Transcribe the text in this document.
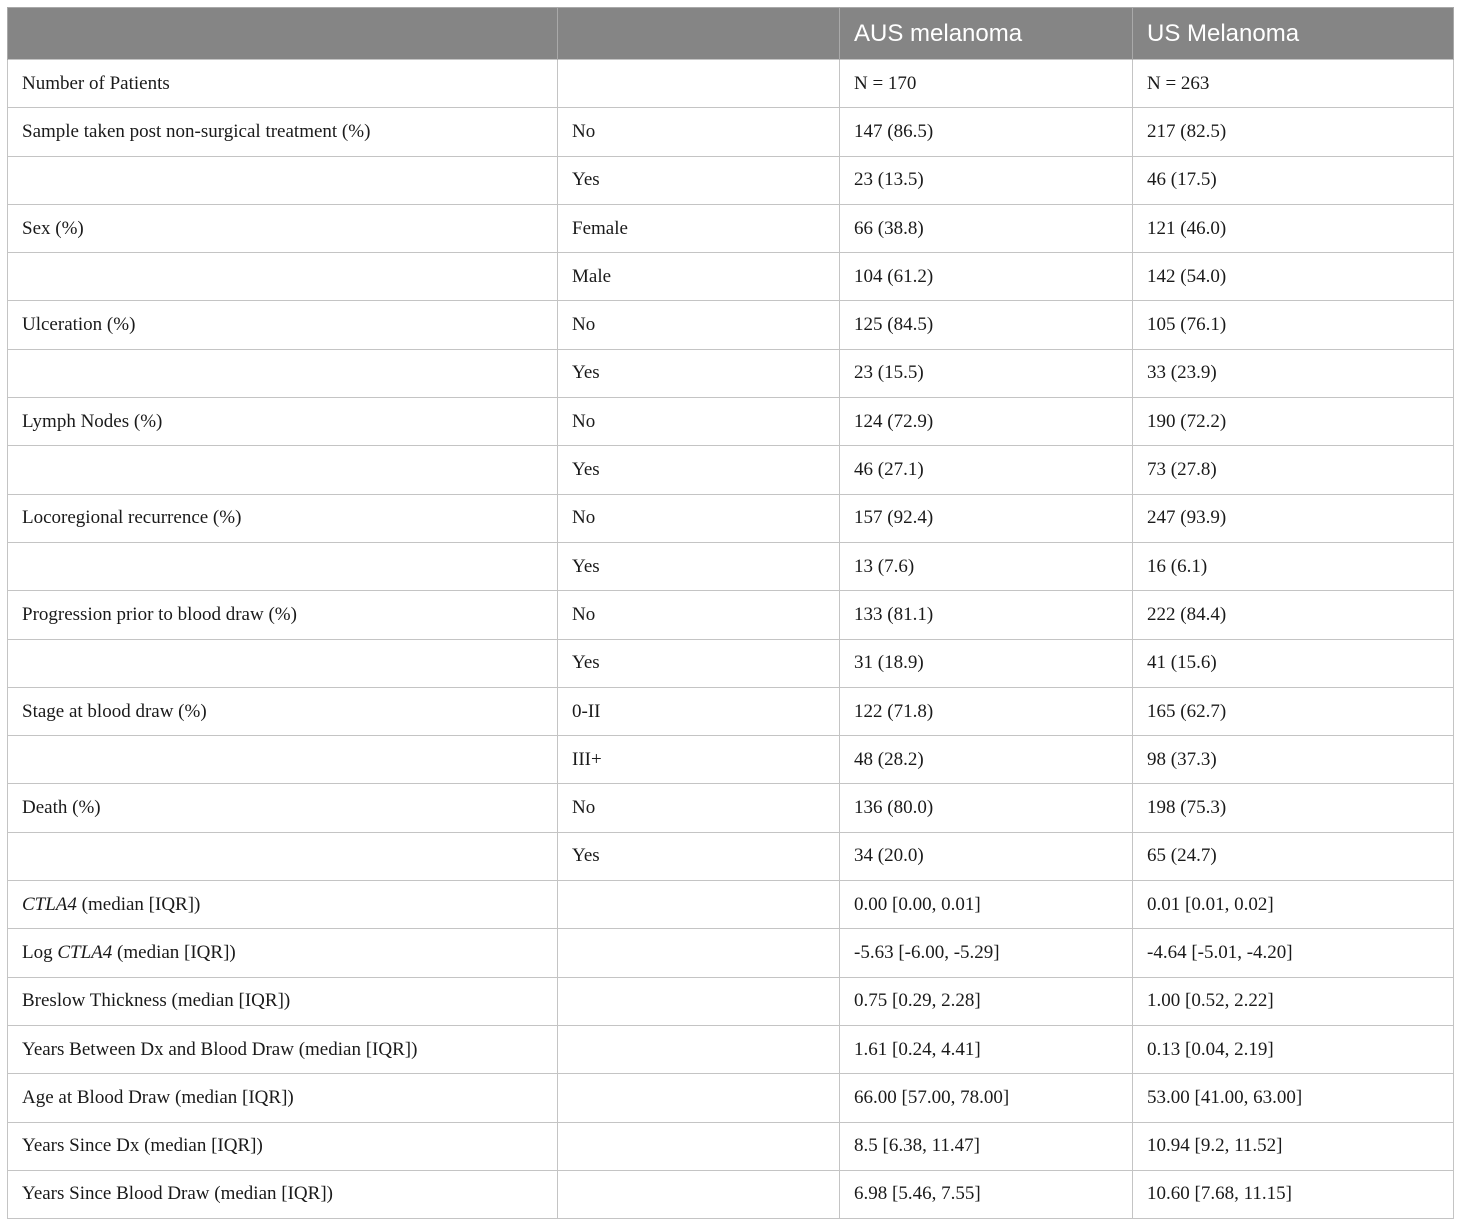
		AUS melanoma	US Melanoma
Number of Patients		N = 170	N = 263
Sample taken post non-surgical treatment (%)	No	147 (86.5)	217 (82.5)
	Yes	23 (13.5)	46 (17.5)
Sex (%)	Female	66 (38.8)	121 (46.0)
	Male	104 (61.2)	142 (54.0)
Ulceration (%)	No	125 (84.5)	105 (76.1)
	Yes	23 (15.5)	33 (23.9)
Lymph Nodes (%)	No	124 (72.9)	190 (72.2)
	Yes	46 (27.1)	73 (27.8)
Locoregional recurrence (%)	No	157 (92.4)	247 (93.9)
	Yes	13 (7.6)	16 (6.1)
Progression prior to blood draw (%)	No	133 (81.1)	222 (84.4)
	Yes	31 (18.9)	41 (15.6)
Stage at blood draw (%)	0-II	122 (71.8)	165 (62.7)
	III+	48 (28.2)	98 (37.3)
Death (%)	No	136 (80.0)	198 (75.3)
	Yes	34 (20.0)	65 (24.7)
CTLA4 (median [IQR])		0.00 [0.00, 0.01]	0.01 [0.01, 0.02]
Log CTLA4 (median [IQR])		-5.63 [-6.00, -5.29]	-4.64 [-5.01, -4.20]
Breslow Thickness (median [IQR])		0.75 [0.29, 2.28]	1.00 [0.52, 2.22]
Years Between Dx and Blood Draw (median [IQR])		1.61 [0.24, 4.41]	0.13 [0.04, 2.19]
Age at Blood Draw (median [IQR])		66.00 [57.00, 78.00]	53.00 [41.00, 63.00]
Years Since Dx (median [IQR])		8.5 [6.38, 11.47]	10.94 [9.2, 11.52]
Years Since Blood Draw (median [IQR])		6.98 [5.46, 7.55]	10.60 [7.68, 11.15]
